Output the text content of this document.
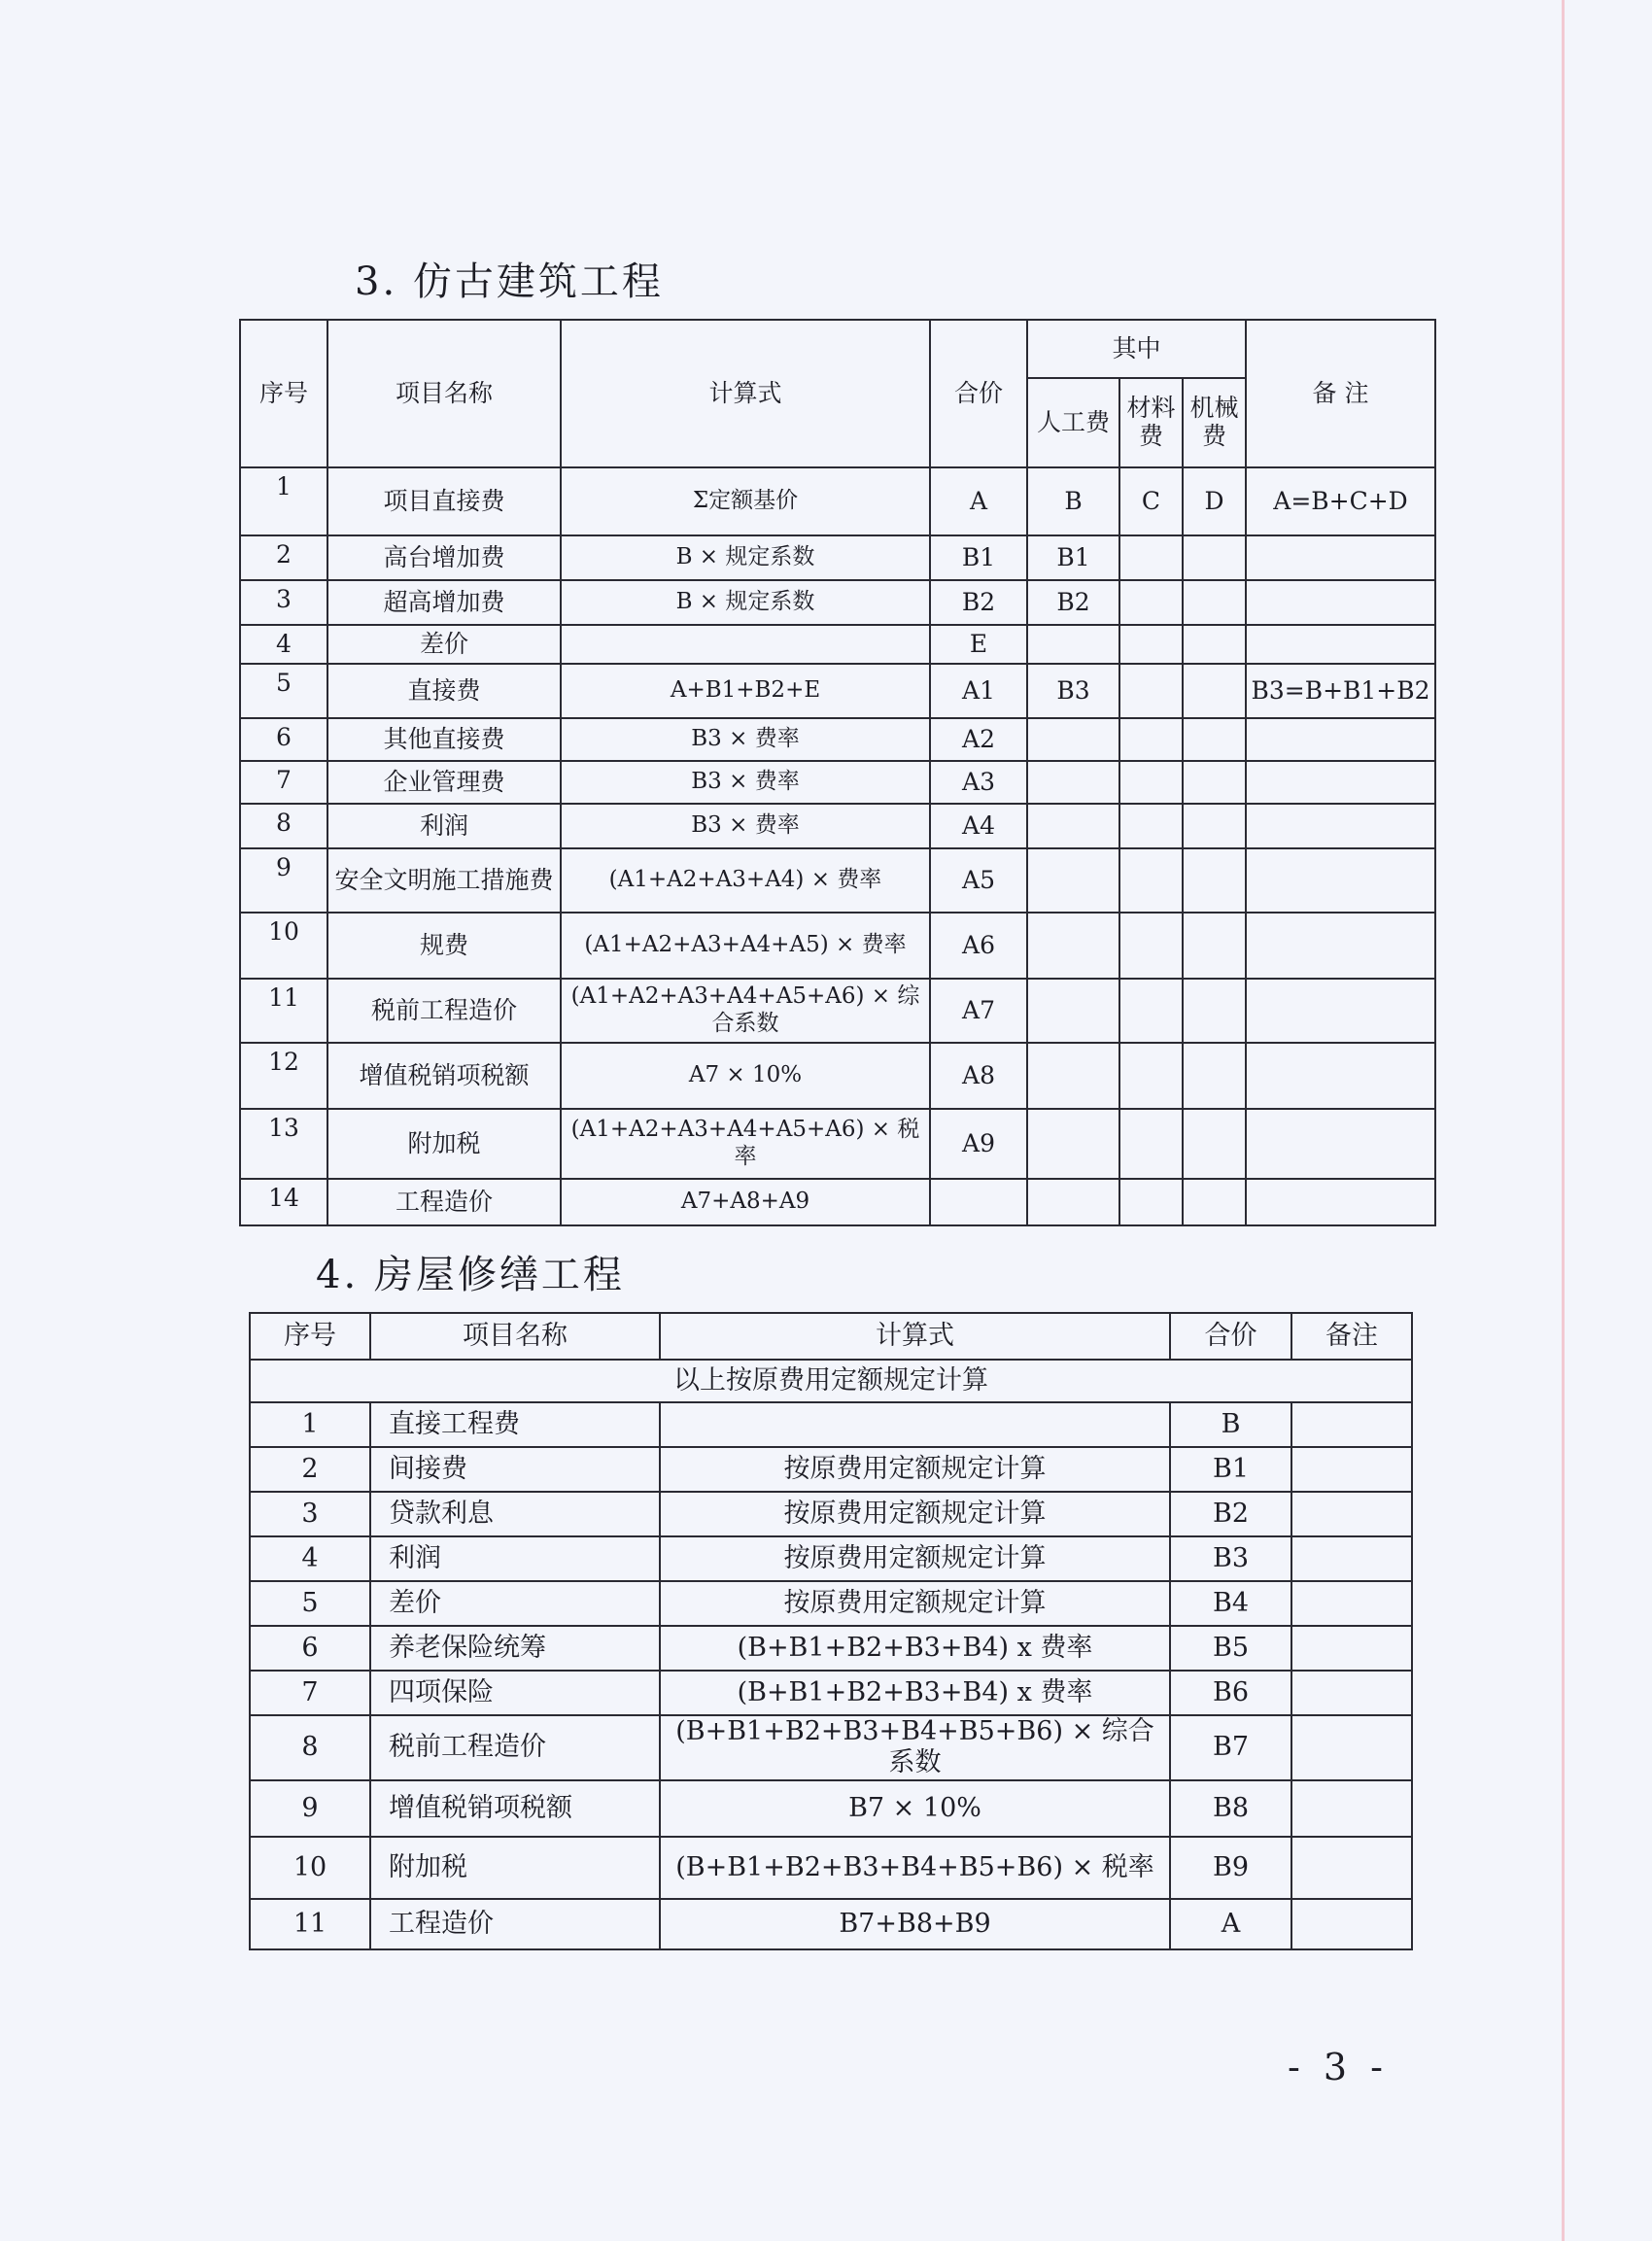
3. 仿古建筑工程
序号	项目名称	计算式	合价	其中			备 注
				人工费	材料费	机械费	
1	项目直接费	Σ定额基价	A	B	C	D	A=B+C+D
2	高台增加费	B × 规定系数	B1	B1			
3	超高增加费	B × 规定系数	B2	B2			
4	差价		E				
5	直接费	A+B1+B2+E	A1	B3			B3=B+B1+B2
6	其他直接费	B3 × 费率	A2				
7	企业管理费	B3 × 费率	A3				
8	利润	B3 × 费率	A4				
9	安全文明施工措施费	(A1+A2+A3+A4) × 费率	A5				
10	规费	(A1+A2+A3+A4+A5) × 费率	A6				
11	税前工程造价	(A1+A2+A3+A4+A5+A6) × 综合系数	A7				
12	增值税销项税额	A7 × 10%	A8				
13	附加税	(A1+A2+A3+A4+A5+A6) × 税率	A9				
14	工程造价	A7+A8+A9					
4. 房屋修缮工程
序号	项目名称	计算式	合价	备注
以上按原费用定额规定计算				
1	直接工程费		B	
2	间接费	按原费用定额规定计算	B1	
3	贷款利息	按原费用定额规定计算	B2	
4	利润	按原费用定额规定计算	B3	
5	差价	按原费用定额规定计算	B4	
6	养老保险统筹	(B+B1+B2+B3+B4) x 费率	B5	
7	四项保险	(B+B1+B2+B3+B4) x 费率	B6	
8	税前工程造价	(B+B1+B2+B3+B4+B5+B6) × 综合系数	B7	
9	增值税销项税额	B7 × 10%	B8	
10	附加税	(B+B1+B2+B3+B4+B5+B6) × 税率	B9	
11	工程造价	B7+B8+B9	A	

- 3 -
